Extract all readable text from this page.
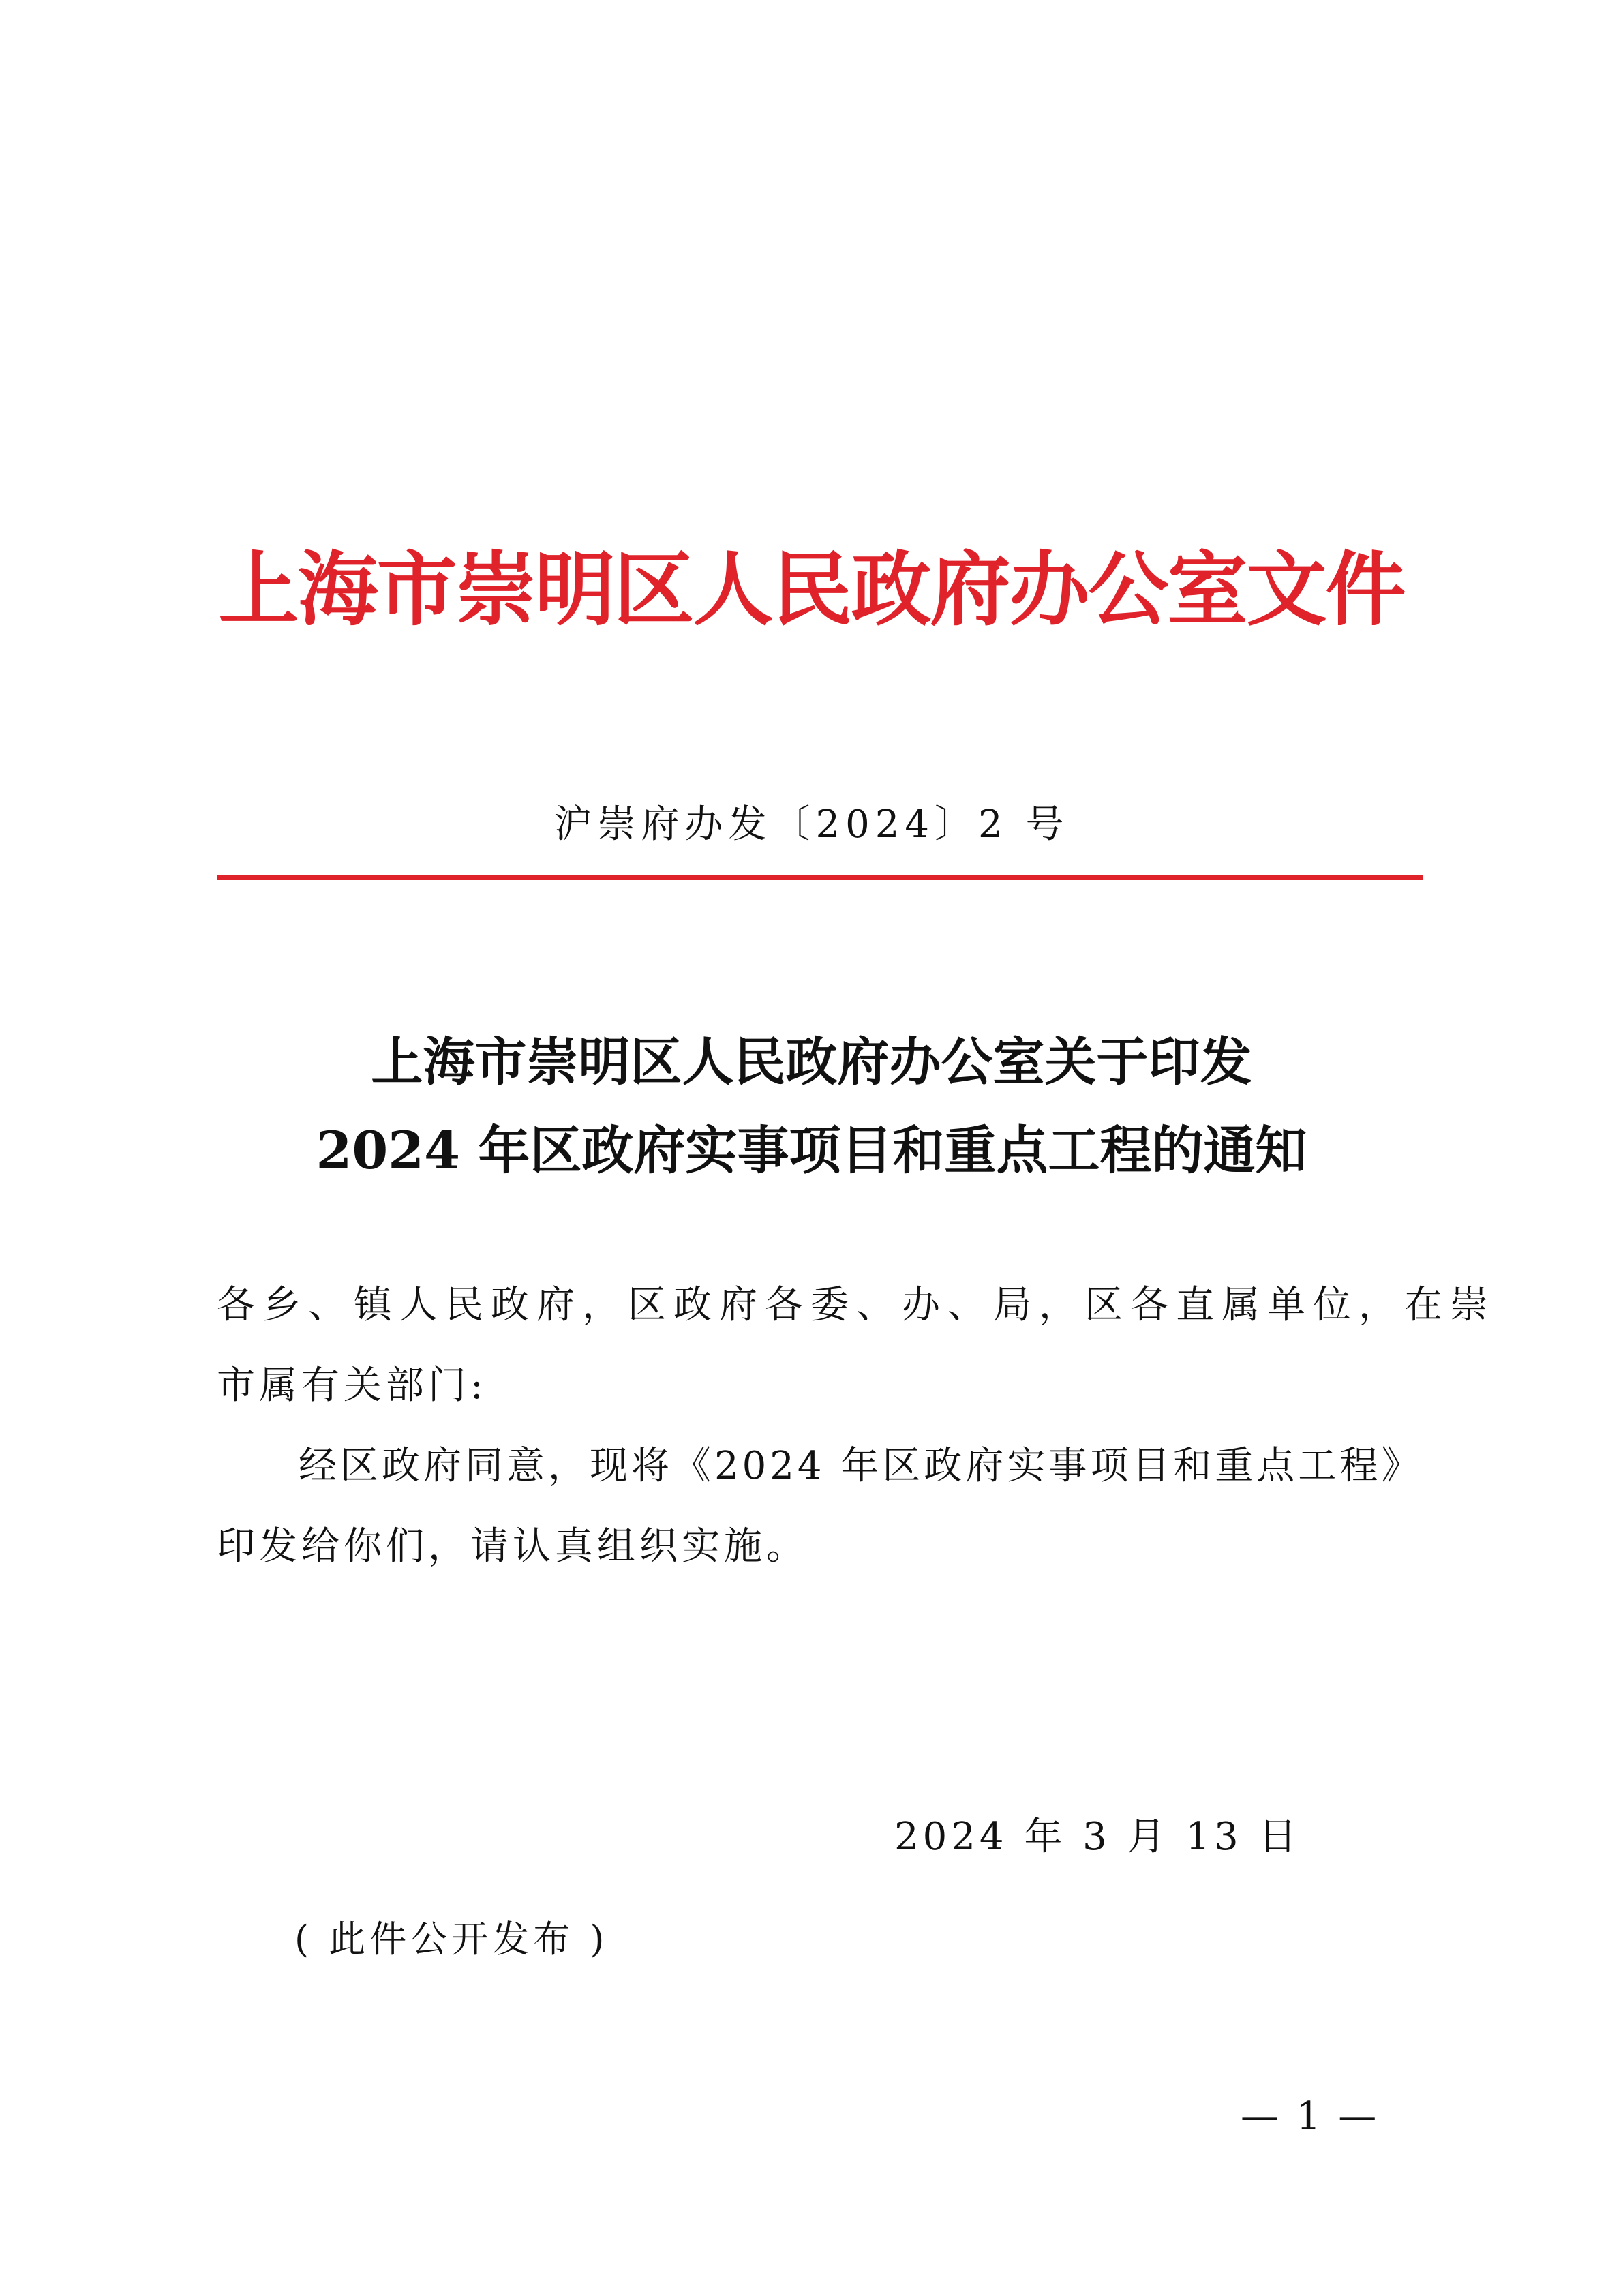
上海市崇明区人民政府办公室文件
沪崇府办发〔2024〕2 号
上海市崇明区人民政府办公室关于印发
2024 年区政府实事项目和重点工程的通知
各乡、镇人民政府，区政府各委、办、局，区各直属单位，在崇
市属有关部门:
经区政府同意，现将《2024 年区政府实事项目和重点工程》
印发给你们，请认真组织实施。
2024 年 3 月 13 日
( 此件公开发布 )
— 1 —
